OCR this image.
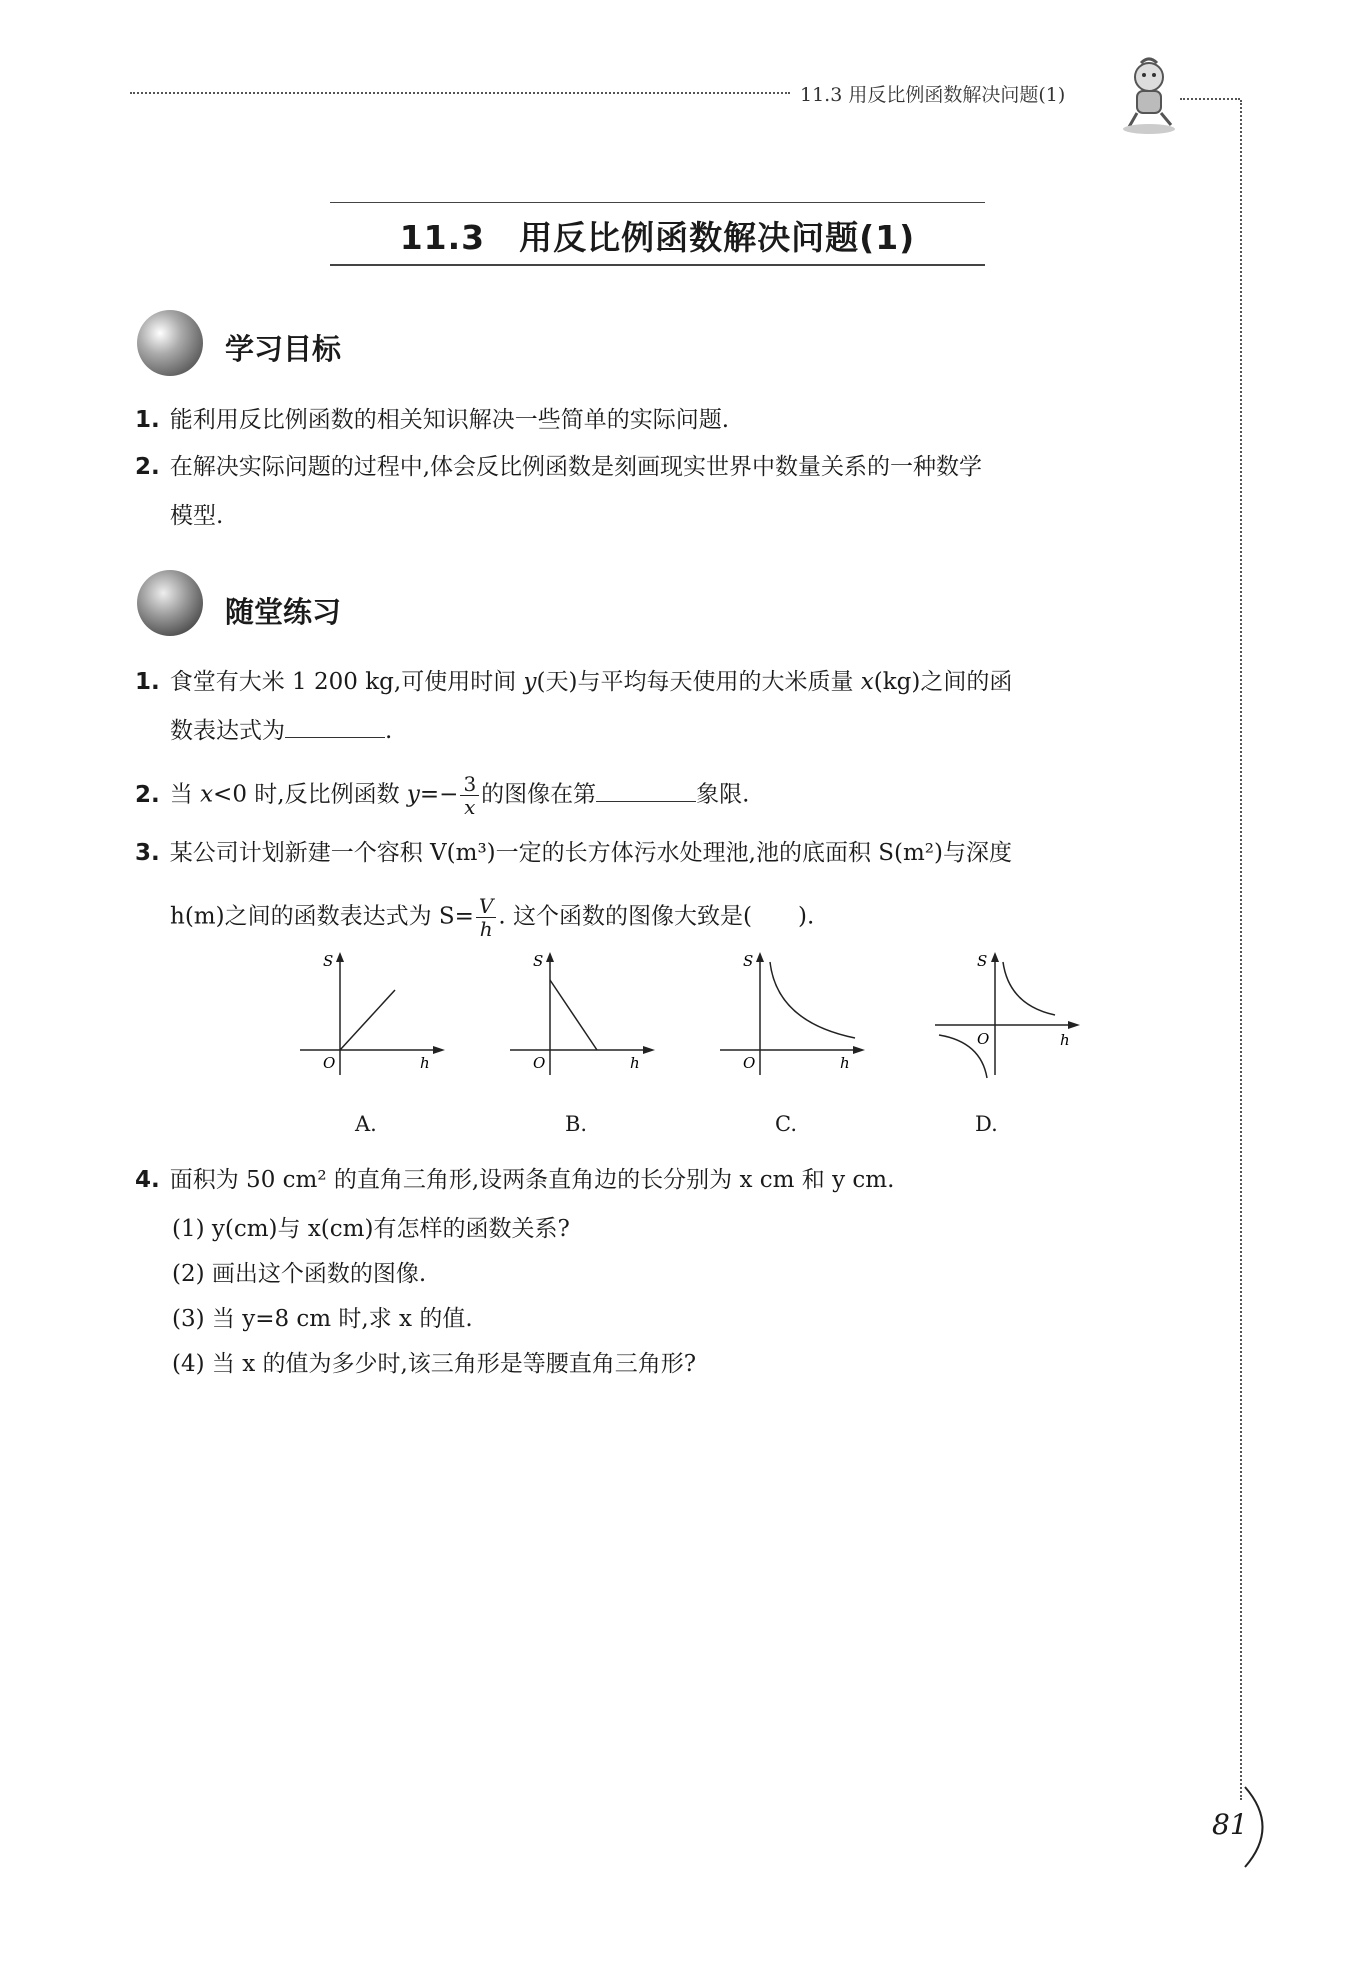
11.3 用反比例函数解决问题(1)
11.3　用反比例函数解决问题(1)
学习目标
1. 能利用反比例函数的相关知识解决一些简单的实际问题.
2. 在解决实际问题的过程中,体会反比例函数是刻画现实世界中数量关系的一种数学
模型.
随堂练习
1. 食堂有大米 1 200 kg,可使用时间 y(天)与平均每天使用的大米质量 x(kg)之间的函
数表达式为	.
2. 当 x<0 时,反比例函数 $y=- \frac{3}{x}$ 的图像在第	象限.
3. 某公司计划新建一个容积 V(m³)一定的长方体污水处理池,池的底面积 S(m²)与深度
h(m)之间的函数表达式为 $S= \frac{V}{h}$ . 这个函数的图像大致是(　　).
S
O	h
S
O	h
S
O	h
S
O	h
A.	B.	C.	D.
4. 面积为 50 cm² 的直角三角形,设两条直角边的长分别为 x cm 和 y cm.
(1) y(cm)与 x(cm)有怎样的函数关系?
(2) 画出这个函数的图像.
(3) 当 y=8 cm 时,求 x 的值.
(4) 当 x 的值为多少时,该三角形是等腰直角三角形?
81
